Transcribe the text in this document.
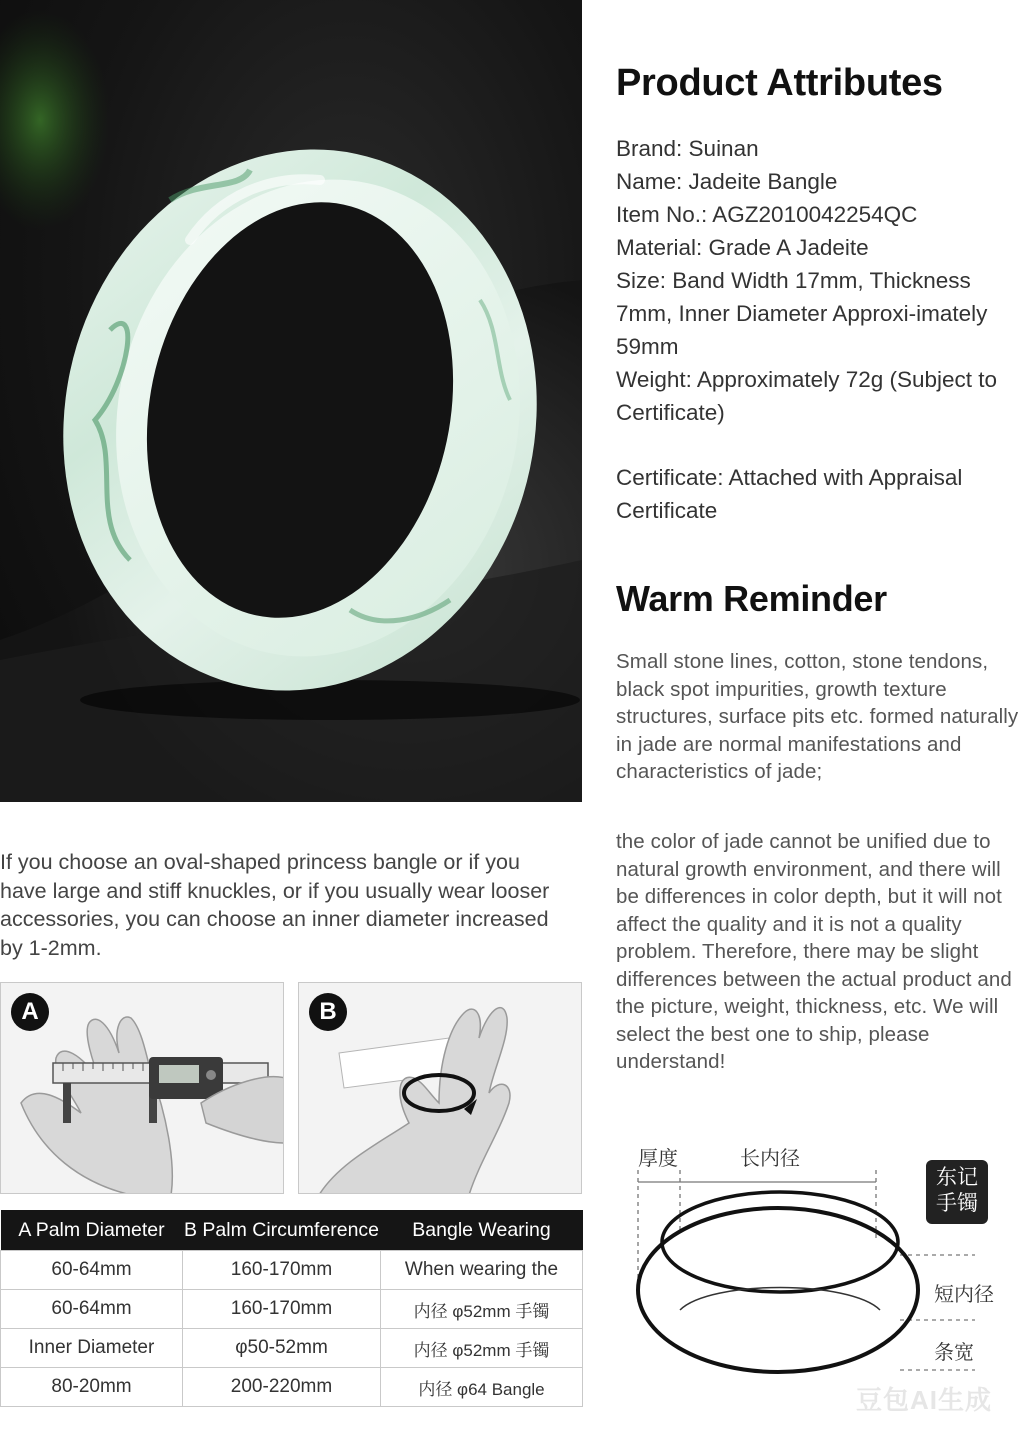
Product Attributes

Brand: Suinan

Name: Jadeite Bangle

Item No.: AGZ2010042254QC

Material: Grade A Jadeite

Size: Band Width 17mm, Thickness 7mm, Inner Diameter Approxi-imately 59mm

Weight: Approximately 72g (Subject to Certificate)

Certificate: Attached with Appraisal Certificate

Warm Reminder

Small stone lines, cotton, stone tendons, black spot impurities, growth texture structures, surface pits etc. formed naturally in jade are normal manifestations and characteristics of jade;

the color of jade cannot be unified due to natural growth environment, and there will be differences in color depth, but it will not affect the quality and it is not a quality problem. Therefore, there may be slight differences between the actual product and the picture, weight, thickness, etc. We will select the best one to ship, please understand!

If you choose an oval-shaped princess bangle or if you have large and stiff knuckles, or if you usually wear looser accessories, you can choose an inner diameter increased by 1-2mm.

A	B
A Palm Diameter	B Palm Circumference	Bangle Wearing
60-64mm	160-170mm	When wearing the
60-64mm	160-170mm	内径 φ52mm 手镯
Inner Diameter	φ50-52mm	内径 φ52mm 手镯
80-20mm	200-220mm	内径 φ64 Bangle
厚度	长内径
短内径
条宽
东记
手镯
豆包AI生成
